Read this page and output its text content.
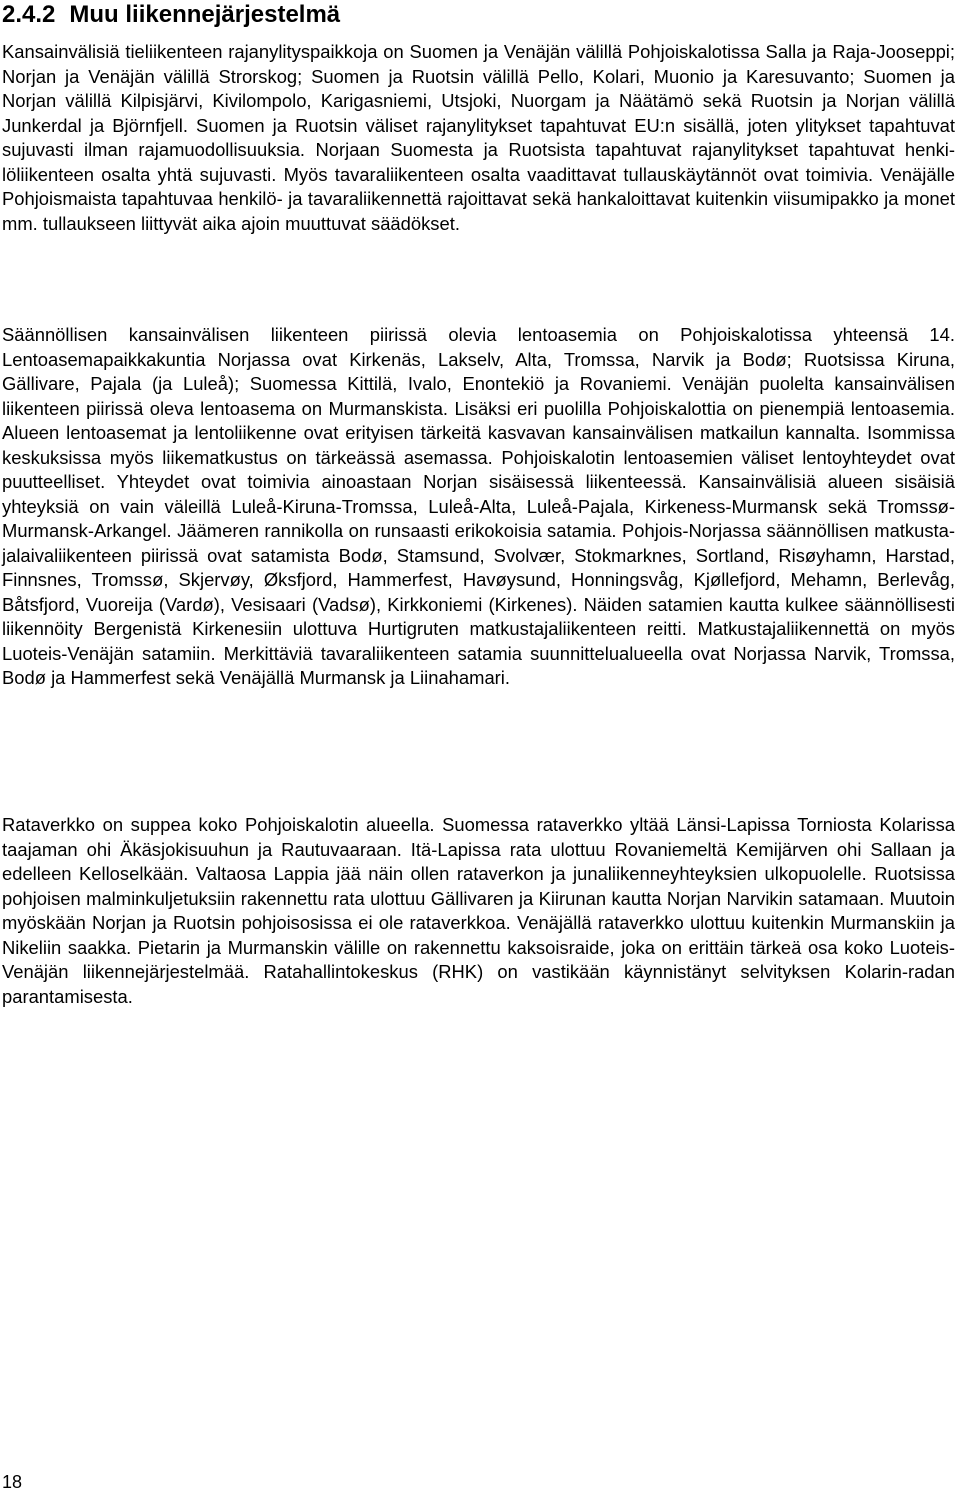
2.4.2 Muu liikennejärjestelmä

Kansainvälisiä tieliikenteen rajanylityspaikkoja on Suomen ja Venäjän välillä Pohjoiskalotissa Salla ja Raja-Jooseppi; Norjan ja Venäjän välillä Strorskog; Suomen ja Ruotsin välillä Pello, Kolari, Muonio ja Karesuvanto; Suomen ja Norjan välillä Kilpisjärvi, Kivilompolo, Karigasniemi, Utsjoki, Nuorgam ja Näätämö sekä Ruotsin ja Norjan välillä Junkerdal ja Björnfjell. Suomen ja Ruotsin väliset rajanylitykset tapahtuvat EU:n sisällä, joten ylitykset tapahtuvat sujuvasti ilman rajamuodollisuuksia. Norjaan Suomesta ja Ruotsista tapahtuvat rajanylitykset tapahtuvat henkilöliikenteen osalta yhtä sujuvasti. Myös tavaraliikenteen osalta vaadittavat tullauskäytännöt ovat toimivia. Venäjälle Pohjoismaista tapahtuvaa henkilö- ja tavaraliikennettä rajoittavat sekä hankaloittavat kuitenkin viisumipakko ja monet mm. tullaukseen liittyvät aika ajoin muuttuvat säädökset.

Säännöllisen kansainvälisen liikenteen piirissä olevia lentoasemia on Pohjoiskalotissa yhteensä 14. Lentoasemapaikkakuntia Norjassa ovat Kirkenäs, Lakselv, Alta, Tromssa, Narvik ja Bodø; Ruotsissa Kiruna, Gällivare, Pajala (ja Luleå); Suomessa Kittilä, Ivalo, Enontekiö ja Rovaniemi. Venäjän puolelta kansainvälisen liikenteen piirissä oleva lentoasema on Murmanskista. Lisäksi eri puolilla Pohjoiskalottia on pienempiä lentoasemia. Alueen lentoasemat ja lentoliikenne ovat erityisen tärkeitä kasvavan kansainvälisen matkailun kannalta. Isommissa keskuksissa myös liikematkustus on tärkeässä asemassa. Pohjoiskalotin lentoasemien väliset lentoyhteydet ovat puutteelliset. Yhteydet ovat toimivia ainoastaan Norjan sisäisessä liikenteessä. Kansainvälisiä alueen sisäisiä yhteyksiä on vain väleillä Luleå-Kiruna-Tromssa, Luleå-Alta, Luleå-Pajala, Kirkeness-Murmansk sekä Tromssø-Murmansk-Arkangel. Jäämeren rannikolla on runsaasti erikokoisia satamia. Pohjois-Norjassa säännöllisen matkustajalaivaliikenteen piirissä ovat satamista Bodø, Stamsund, Svolvær, Stokmarknes, Sortland, Risøyhamn, Harstad, Finnsnes, Tromssø, Skjervøy, Øksfjord, Hammerfest, Havøysund, Honningsvåg, Kjøllefjord, Mehamn, Berlevåg, Båtsfjord, Vuoreija (Vardø), Vesisaari (Vadsø), Kirkkoniemi (Kirkenes). Näiden satamien kautta kulkee säännöllisesti liikennöity Bergenistä Kirkenesiin ulottuva Hurtigruten matkustajaliikenteen reitti. Matkustajaliikennettä on myös Luoteis-Venäjän satamiin. Merkittäviä tavaraliikenteen satamia suunnittelualueella ovat Norjassa Narvik, Tromssa, Bodø ja Hammerfest sekä Venäjällä Murmansk ja Liinahamari.

Rataverkko on suppea koko Pohjoiskalotin alueella. Suomessa rataverkko yltää Länsi-Lapissa Torniosta Kolarissa taajaman ohi Äkäsjokisuuhun ja Rautuvaaraan. Itä-Lapissa rata ulottuu Rovaniemeltä Kemijärven ohi Sallaan ja edelleen Kelloselkään. Valtaosa Lappia jää näin ollen rataverkon ja junaliikenneyhteyksien ulkopuolelle. Ruotsissa pohjoisen malminkuljetuksiin rakennettu rata ulottuu Gällivaren ja Kiirunan kautta Norjan Narvikin satamaan. Muutoin myöskään Norjan ja Ruotsin pohjoisosissa ei ole rataverkkoa. Venäjällä rataverkko ulottuu kuitenkin Murmanskiin ja Nikeliin saakka. Pietarin ja Murmanskin välille on rakennettu kaksoisraide, joka on erittäin tärkeä osa koko Luoteis-Venäjän liikennejärjestelmää. Ratahallintokeskus (RHK) on vastikään käynnistänyt selvityksen Kolarin-radan parantamisesta.

18
